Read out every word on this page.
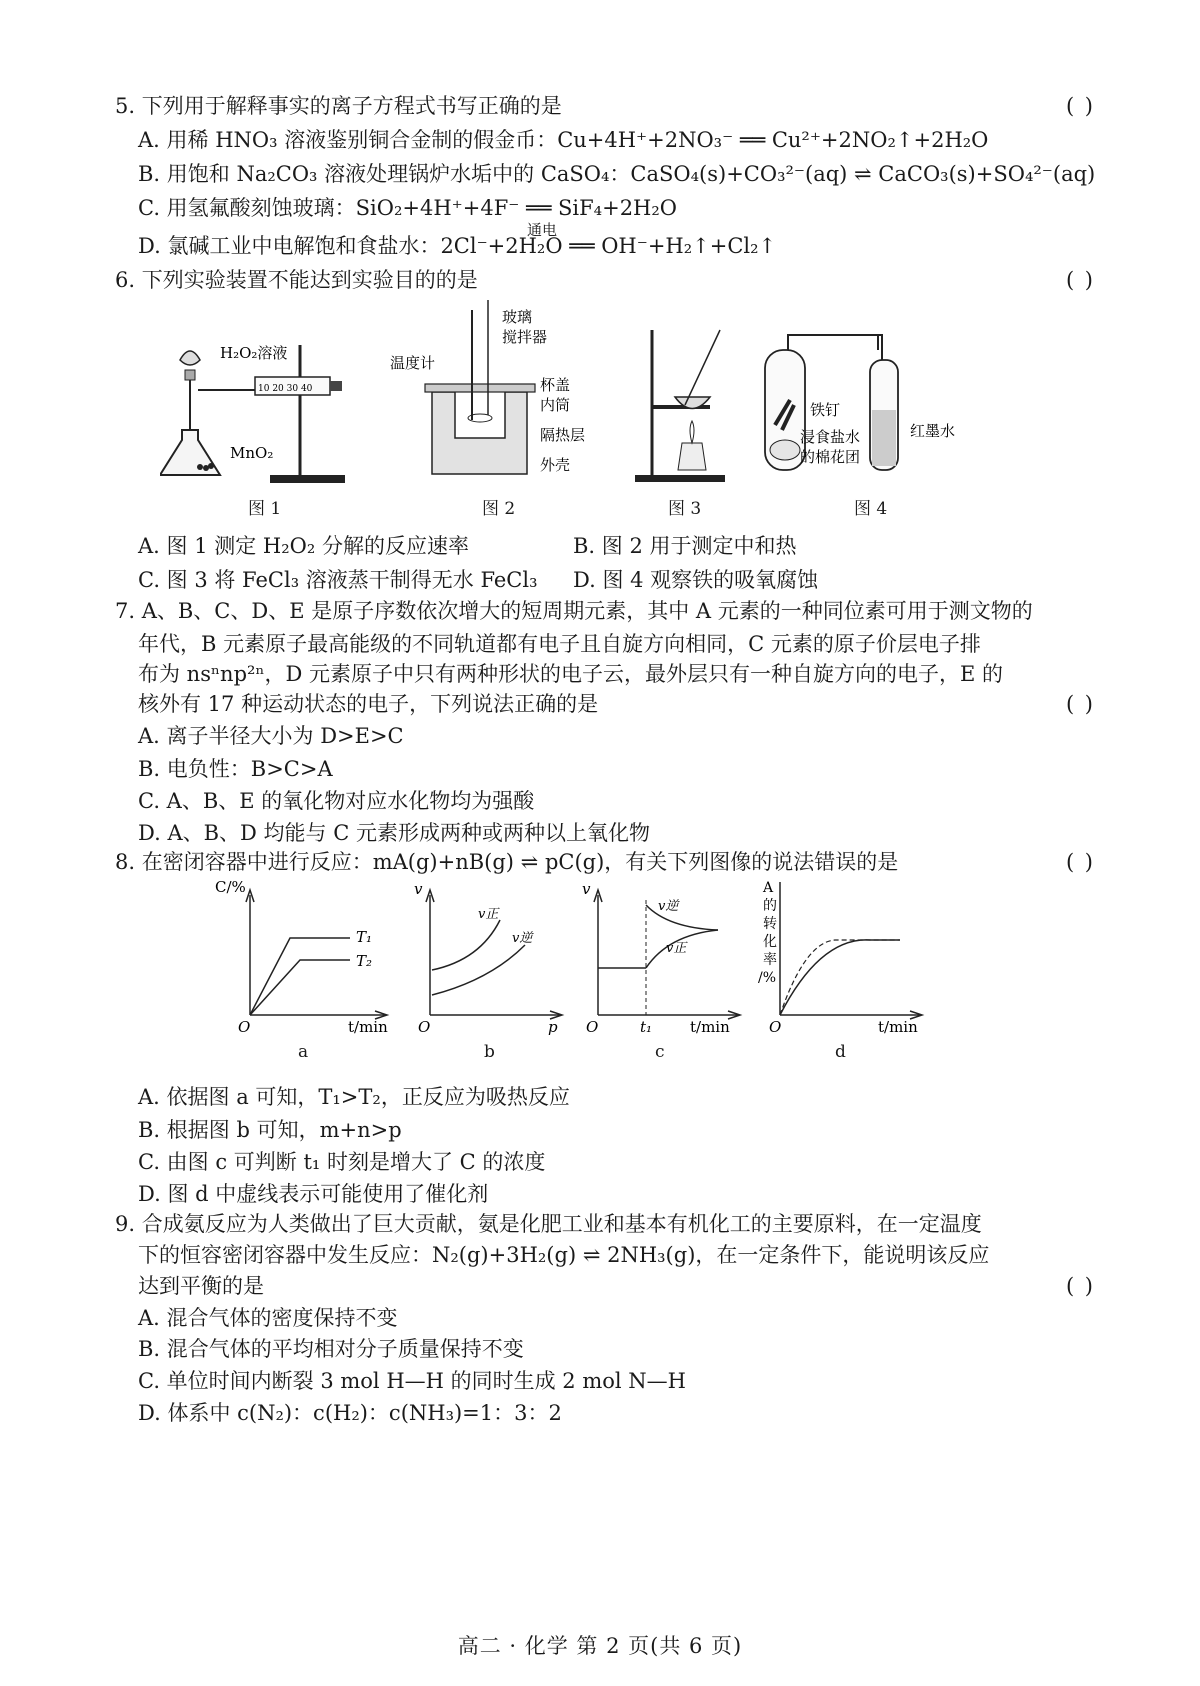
5. 下列用于解释事实的离子方程式书写正确的是	( )
A. 用稀 HNO₃ 溶液鉴别铜合金制的假金币：Cu+4H⁺+2NO₃⁻ ══ Cu²⁺+2NO₂↑+2H₂O
B. 用饱和 Na₂CO₃ 溶液处理锅炉水垢中的 CaSO₄：CaSO₄(s)+CO₃²⁻(aq) ⇌ CaCO₃(s)+SO₄²⁻(aq)
C. 用氢氟酸刻蚀玻璃：SiO₂+4H⁺+4F⁻ ══ SiF₄+2H₂O
通电
D. 氯碱工业中电解饱和食盐水：2Cl⁻+2H₂O ══ OH⁻+H₂↑+Cl₂↑
6. 下列实验装置不能达到实验目的的是	( )
H₂O₂溶液
MnO₂
10 20 30 40
图 1
玻璃
搅拌器
温度计
杯盖
内筒
隔热层
外壳
图 2	图 3
铁钉
浸食盐水
的棉花团
红墨水
图 4
A. 图 1 测定 H₂O₂ 分解的反应速率	B. 图 2 用于测定中和热
C. 图 3 将 FeCl₃ 溶液蒸干制得无水 FeCl₃ D. 图 4 观察铁的吸氧腐蚀
7. A、B、C、D、E 是原子序数依次增大的短周期元素，其中 A 元素的一种同位素可用于测文物的
年代，B 元素原子最高能级的不同轨道都有电子且自旋方向相同，C 元素的原子价层电子排
布为 nsⁿnp²ⁿ，D 元素原子中只有两种形状的电子云，最外层只有一种自旋方向的电子，E 的
核外有 17 种运动状态的电子，下列说法正确的是	( )
A. 离子半径大小为 D>E>C
B. 电负性：B>C>A
C. A、B、E 的氧化物对应水化物均为强酸
D. A、B、D 均能与 C 元素形成两种或两种以上氧化物
8. 在密闭容器中进行反应：mA(g)+nB(g) ⇌ pC(g)，有关下列图像的说法错误的是	( )
C/%
O	t/min
T₁
T₂
a
v
O	p
v正
v逆
b
v
O	t₁	t/min
v逆
v正
c
A
的
转
化
率
/%
O	t/min
d
A. 依据图 a 可知，T₁>T₂，正反应为吸热反应
B. 根据图 b 可知，m+n>p
C. 由图 c 可判断 t₁ 时刻是增大了 C 的浓度
D. 图 d 中虚线表示可能使用了催化剂
9. 合成氨反应为人类做出了巨大贡献，氨是化肥工业和基本有机化工的主要原料，在一定温度
下的恒容密闭容器中发生反应：N₂(g)+3H₂(g) ⇌ 2NH₃(g)，在一定条件下，能说明该反应
达到平衡的是	( )
A. 混合气体的密度保持不变
B. 混合气体的平均相对分子质量保持不变
C. 单位时间内断裂 3 mol H—H 的同时生成 2 mol N—H
D. 体系中 c(N₂)：c(H₂)：c(NH₃)=1：3：2
高二 · 化学 第 2 页(共 6 页)
